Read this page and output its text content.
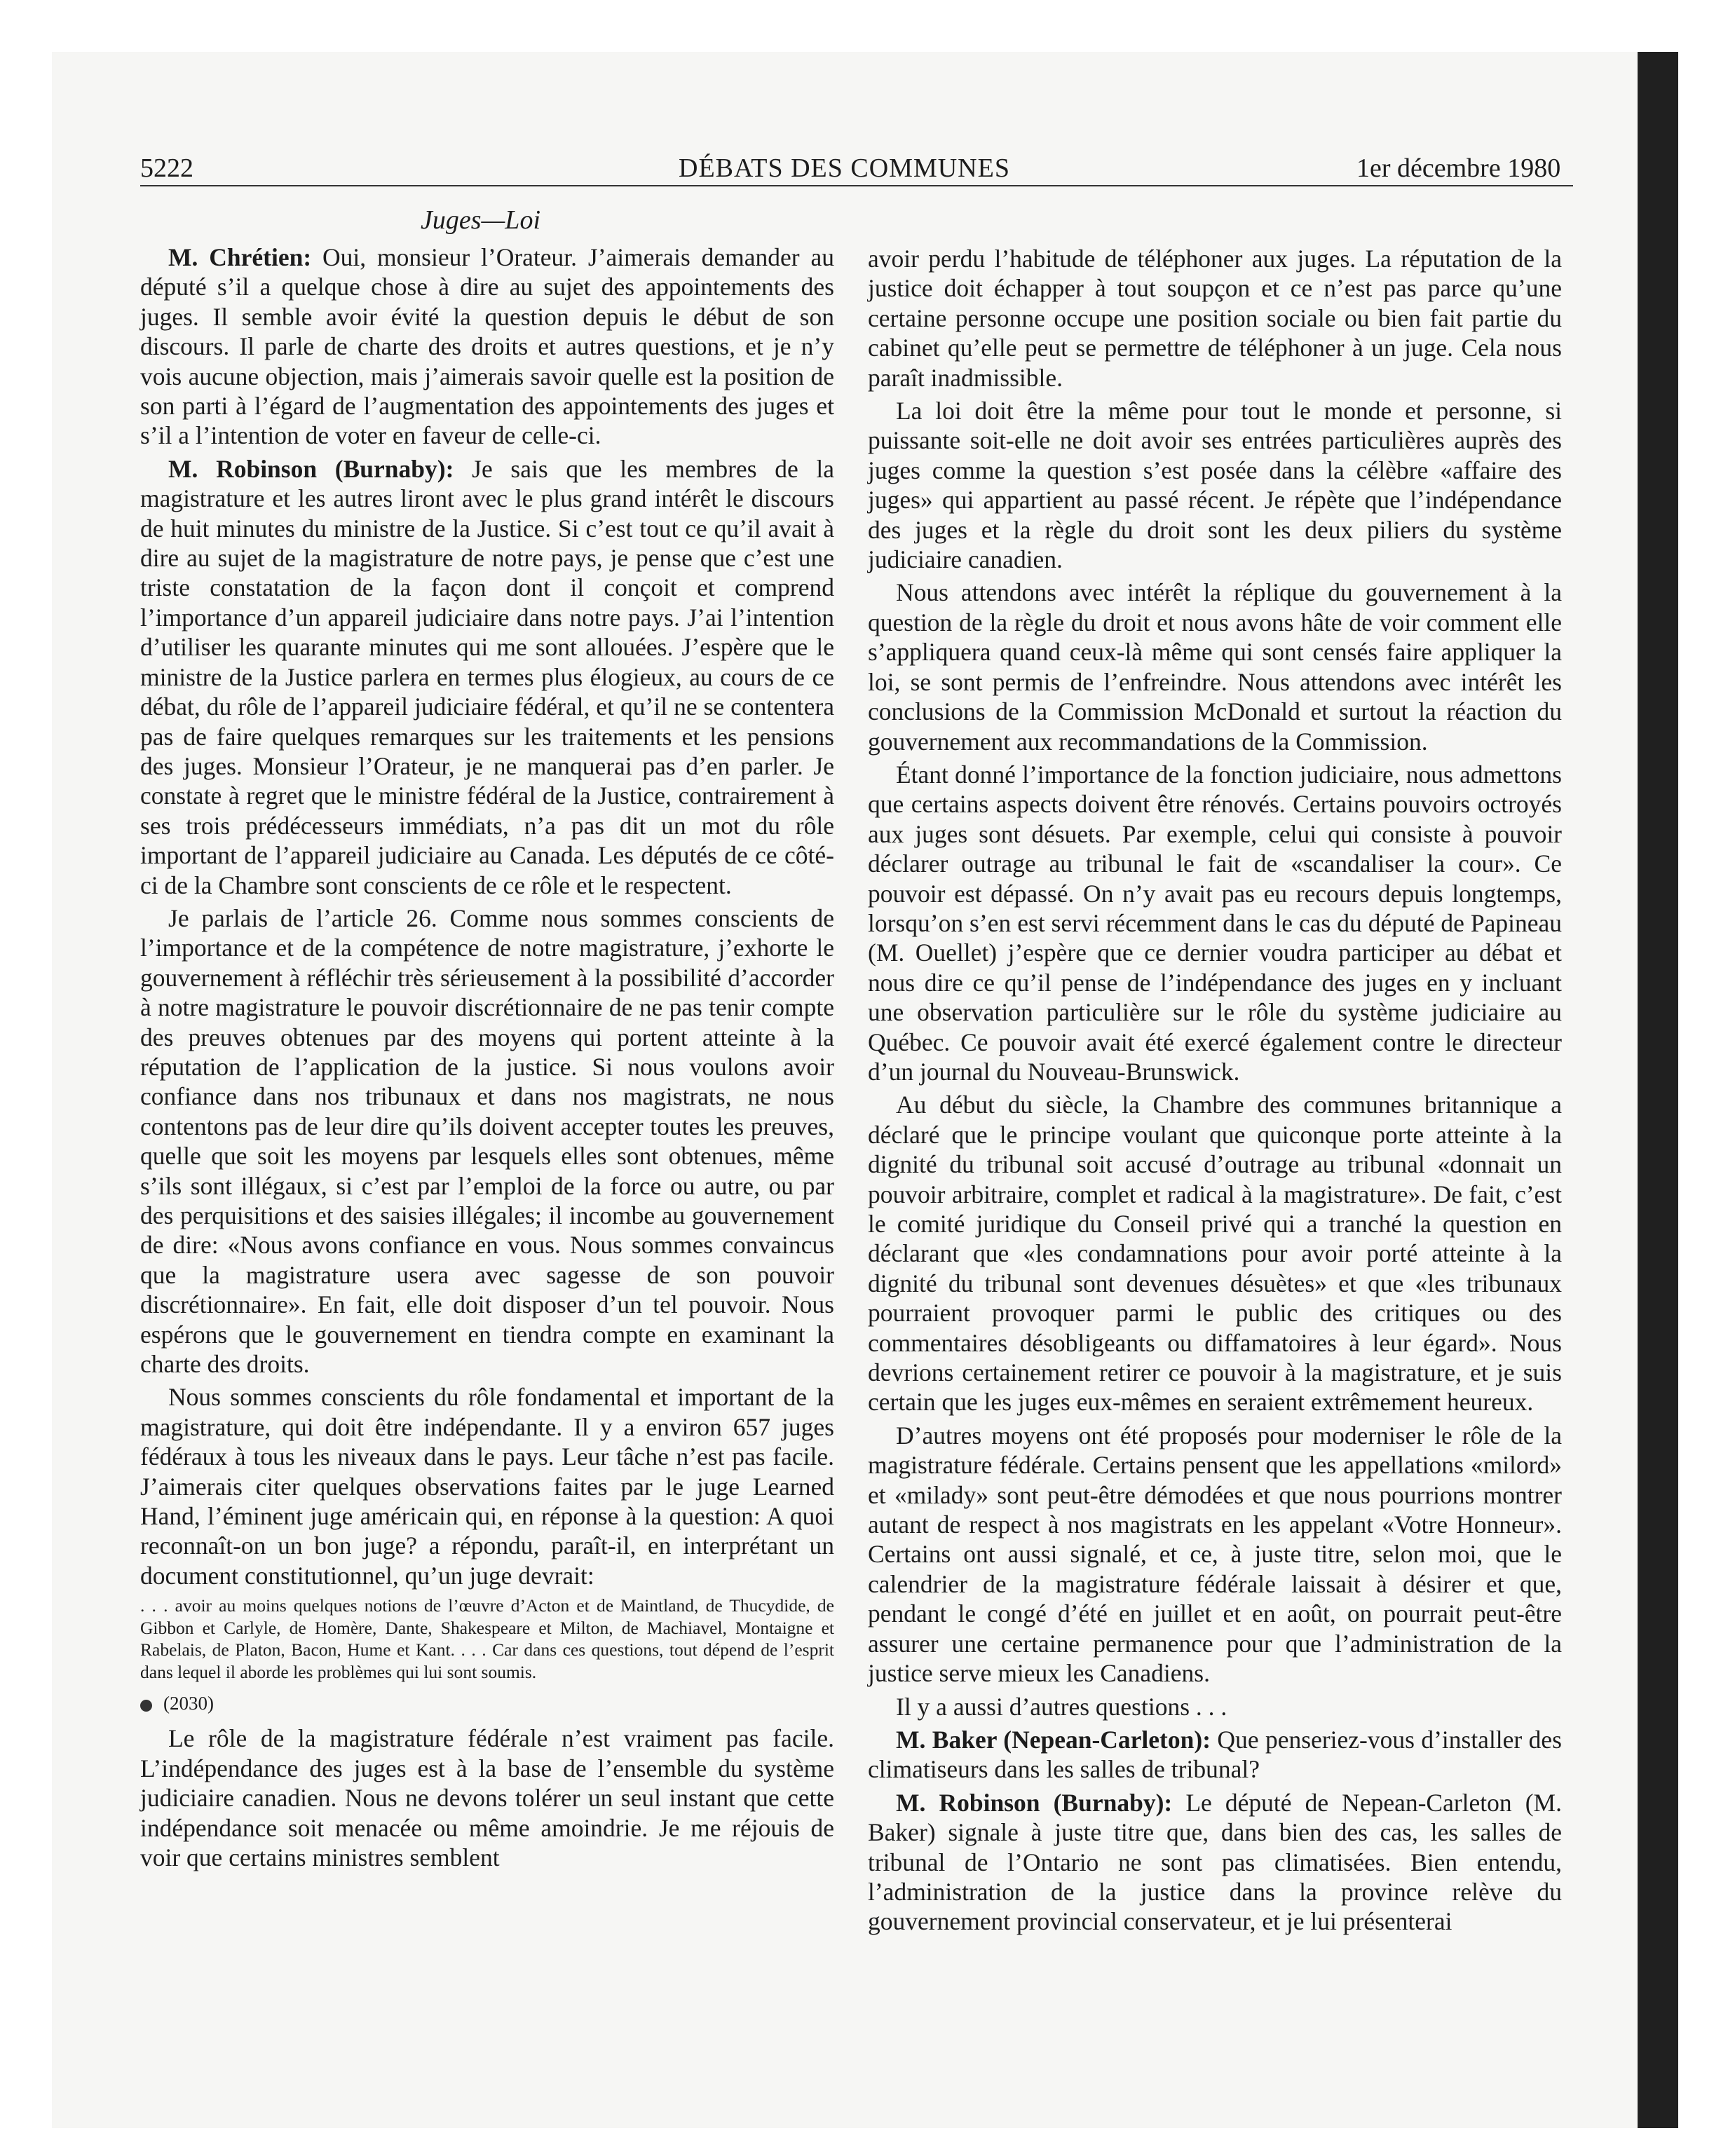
5222	DÉBATS DES COMMUNES	1er décembre 1980
Juges—Loi

M. Chrétien: Oui, monsieur l’Orateur. J’aimerais demander au député s’il a quelque chose à dire au sujet des appointements des juges. Il semble avoir évité la question depuis le début de son discours. Il parle de charte des droits et autres questions, et je n’y vois aucune objection, mais j’aimerais savoir quelle est la position de son parti à l’égard de l’augmentation des appointements des juges et s’il a l’intention de voter en faveur de celle-ci.

M. Robinson (Burnaby): Je sais que les membres de la magistrature et les autres liront avec le plus grand intérêt le discours de huit minutes du ministre de la Justice. Si c’est tout ce qu’il avait à dire au sujet de la magistrature de notre pays, je pense que c’est une triste constatation de la façon dont il conçoit et comprend l’importance d’un appareil judiciaire dans notre pays. J’ai l’intention d’utiliser les quarante minutes qui me sont allouées. J’espère que le ministre de la Justice parlera en termes plus élogieux, au cours de ce débat, du rôle de l’appareil judiciaire fédéral, et qu’il ne se contentera pas de faire quelques remarques sur les traitements et les pensions des juges. Monsieur l’Orateur, je ne manquerai pas d’en parler. Je constate à regret que le ministre fédéral de la Justice, contrairement à ses trois prédécesseurs immédiats, n’a pas dit un mot du rôle important de l’appareil judiciaire au Canada. Les députés de ce côté-ci de la Chambre sont conscients de ce rôle et le respectent.

Je parlais de l’article 26. Comme nous sommes conscients de l’importance et de la compétence de notre magistrature, j’exhorte le gouvernement à réfléchir très sérieusement à la possibilité d’accorder à notre magistrature le pouvoir discrétionnaire de ne pas tenir compte des preuves obtenues par des moyens qui portent atteinte à la réputation de l’application de la justice. Si nous voulons avoir confiance dans nos tribunaux et dans nos magistrats, ne nous contentons pas de leur dire qu’ils doivent accepter toutes les preuves, quelle que soit les moyens par lesquels elles sont obtenues, même s’ils sont illégaux, si c’est par l’emploi de la force ou autre, ou par des perquisitions et des saisies illégales; il incombe au gouvernement de dire: «Nous avons confiance en vous. Nous sommes convaincus que la magistrature usera avec sagesse de son pouvoir discrétionnaire». En fait, elle doit disposer d’un tel pouvoir. Nous espérons que le gouvernement en tiendra compte en examinant la charte des droits.

Nous sommes conscients du rôle fondamental et important de la magistrature, qui doit être indépendante. Il y a environ 657 juges fédéraux à tous les niveaux dans le pays. Leur tâche n’est pas facile. J’aimerais citer quelques observations faites par le juge Learned Hand, l’éminent juge américain qui, en réponse à la question: A quoi reconnaît-on un bon juge? a répondu, paraît-il, en interprétant un document constitutionnel, qu’un juge devrait:

. . . avoir au moins quelques notions de l’œuvre d’Acton et de Maintland, de Thucydide, de Gibbon et Carlyle, de Homère, Dante, Shakespeare et Milton, de Machiavel, Montaigne et Rabelais, de Platon, Bacon, Hume et Kant. . . . Car dans ces questions, tout dépend de l’esprit dans lequel il aborde les problèmes qui lui sont soumis.
(2030)

Le rôle de la magistrature fédérale n’est vraiment pas facile. L’indépendance des juges est à la base de l’ensemble du système judiciaire canadien. Nous ne devons tolérer un seul instant que cette indépendance soit menacée ou même amoindrie. Je me réjouis de voir que certains ministres semblent

avoir perdu l’habitude de téléphoner aux juges. La réputation de la justice doit échapper à tout soupçon et ce n’est pas parce qu’une certaine personne occupe une position sociale ou bien fait partie du cabinet qu’elle peut se permettre de téléphoner à un juge. Cela nous paraît inadmissible.

La loi doit être la même pour tout le monde et personne, si puissante soit-elle ne doit avoir ses entrées particulières auprès des juges comme la question s’est posée dans la célèbre «affaire des juges» qui appartient au passé récent. Je répète que l’indépendance des juges et la règle du droit sont les deux piliers du système judiciaire canadien.

Nous attendons avec intérêt la réplique du gouvernement à la question de la règle du droit et nous avons hâte de voir comment elle s’appliquera quand ceux-là même qui sont censés faire appliquer la loi, se sont permis de l’enfreindre. Nous attendons avec intérêt les conclusions de la Commission McDonald et surtout la réaction du gouvernement aux recommandations de la Commission.

Étant donné l’importance de la fonction judiciaire, nous admettons que certains aspects doivent être rénovés. Certains pouvoirs octroyés aux juges sont désuets. Par exemple, celui qui consiste à pouvoir déclarer outrage au tribunal le fait de «scandaliser la cour». Ce pouvoir est dépassé. On n’y avait pas eu recours depuis longtemps, lorsqu’on s’en est servi récemment dans le cas du député de Papineau (M. Ouellet) j’espère que ce dernier voudra participer au débat et nous dire ce qu’il pense de l’indépendance des juges en y incluant une observation particulière sur le rôle du système judiciaire au Québec. Ce pouvoir avait été exercé également contre le directeur d’un journal du Nouveau-Brunswick.

Au début du siècle, la Chambre des communes britannique a déclaré que le principe voulant que quiconque porte atteinte à la dignité du tribunal soit accusé d’outrage au tribunal «donnait un pouvoir arbitraire, complet et radical à la magistrature». De fait, c’est le comité juridique du Conseil privé qui a tranché la question en déclarant que «les condamnations pour avoir porté atteinte à la dignité du tribunal sont devenues désuètes» et que «les tribunaux pourraient provoquer parmi le public des critiques ou des commentaires désobligeants ou diffamatoires à leur égard». Nous devrions certainement retirer ce pouvoir à la magistrature, et je suis certain que les juges eux-mêmes en seraient extrêmement heureux.

D’autres moyens ont été proposés pour moderniser le rôle de la magistrature fédérale. Certains pensent que les appellations «milord» et «milady» sont peut-être démodées et que nous pourrions montrer autant de respect à nos magistrats en les appelant «Votre Honneur». Certains ont aussi signalé, et ce, à juste titre, selon moi, que le calendrier de la magistrature fédérale laissait à désirer et que, pendant le congé d’été en juillet et en août, on pourrait peut-être assurer une certaine permanence pour que l’administration de la justice serve mieux les Canadiens.

Il y a aussi d’autres questions . . .

M. Baker (Nepean-Carleton): Que penseriez-vous d’installer des climatiseurs dans les salles de tribunal?

M. Robinson (Burnaby): Le député de Nepean-Carleton (M. Baker) signale à juste titre que, dans bien des cas, les salles de tribunal de l’Ontario ne sont pas climatisées. Bien entendu, l’administration de la justice dans la province relève du gouvernement provincial conservateur, et je lui présenterai
